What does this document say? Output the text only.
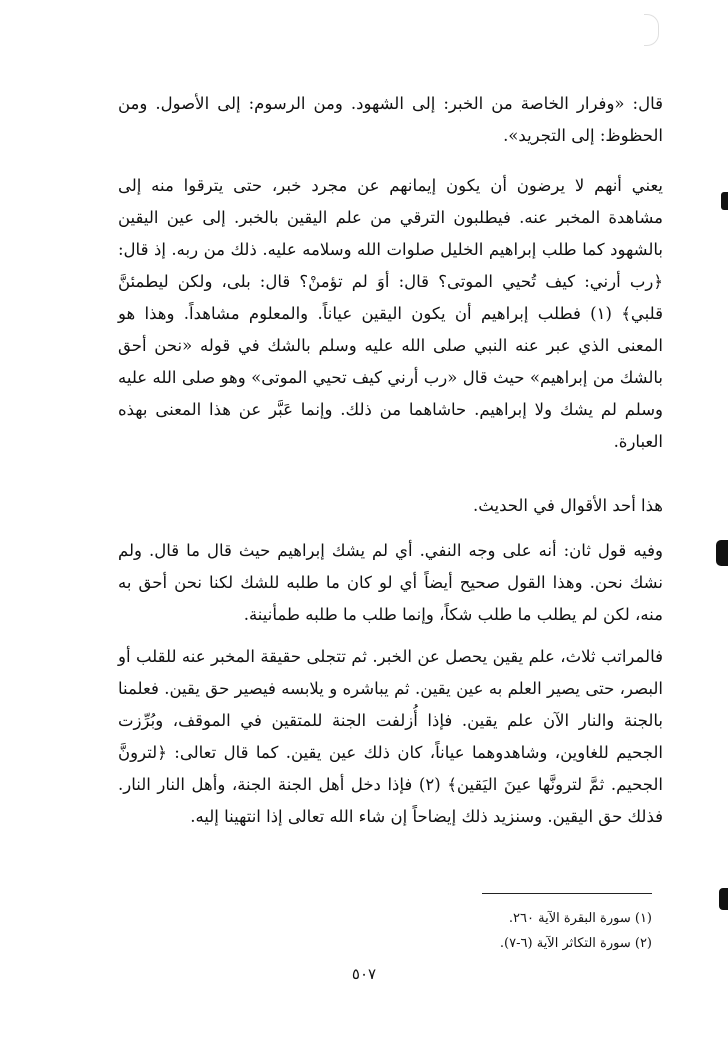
قال: «وفرار الخاصة من الخبر: إلى الشهود. ومن الرسوم: إلى الأصول. ومن الحظوظ: إلى التجريد».

يعني أنهم لا يرضون أن يكون إيمانهم عن مجرد خبر، حتى يترقوا منه إلى مشاهدة المخبر عنه. فيطلبون الترقي من علم اليقين بالخبر. إلى عين اليقين بالشهود كما طلب إبراهيم الخليل صلوات الله وسلامه عليه. ذلك من ربه. إذ قال: ﴿رب أرني: كيف تُحيي الموتى؟ قال: أوَ لم تؤمنْ؟ قال: بلى، ولكن ليطمئنَّ قلبي﴾ (١) فطلب إبراهيم أن يكون اليقين عياناً. والمعلوم مشاهداً. وهذا هو المعنى الذي عبر عنه النبي صلى الله عليه وسلم بالشك في قوله «نحن أحق بالشك من إبراهيم» حيث قال «رب أرني كيف تحيي الموتى» وهو صلى الله عليه وسلم لم يشك ولا إبراهيم. حاشاهما من ذلك. وإنما عَبَّر عن هذا المعنى بهذه العبارة.

هذا أحد الأقوال في الحديث.

وفيه قول ثان: أنه على وجه النفي. أي لم يشك إبراهيم حيث قال ما قال. ولم نشك نحن. وهذا القول صحيح أيضاً أي لو كان ما طلبه للشك لكنا نحن أحق به منه، لكن لم يطلب ما طلب شكاً، وإنما طلب ما طلبه طمأنينة.

فالمراتب ثلاث، علم يقين يحصل عن الخبر. ثم تتجلى حقيقة المخبر عنه للقلب أو البصر، حتى يصير العلم به عين يقين. ثم يباشره و يلابسه فيصير حق يقين. فعلمنا بالجنة والنار الآن علم يقين. فإذا أُزلفت الجنة للمتقين في الموقف، وبُرِّزت الجحيم للغاوين، وشاهدوهما عياناً، كان ذلك عين يقين. كما قال تعالى: ﴿لترونَّ الجحيم. ثمَّ لترونَّها عينَ اليَقين﴾ (٢) فإذا دخل أهل الجنة الجنة، وأهل النار النار. فذلك حق اليقين. وسنزيد ذلك إيضاحاً إن شاء الله تعالى إذا انتهينا إليه.

(١) سورة البقرة الآية ٢٦٠.
(٢) سورة التكاثر الآية (٦-٧).
٥٠٧
